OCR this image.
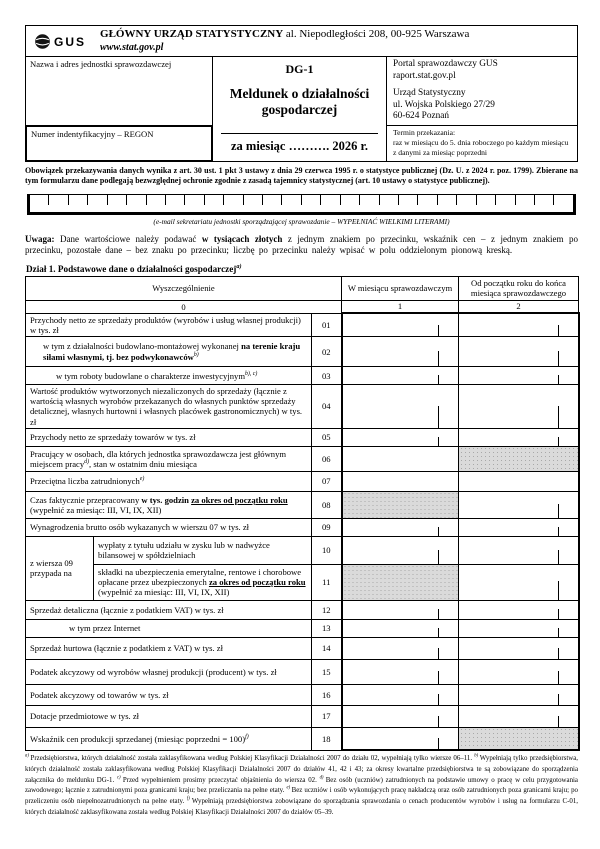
GUS
GŁÓWNY URZĄD STATYSTYCZNY al. Niepodległości 208, 00-925 Warszawa
www.stat.gov.pl
Nazwa i adres jednostki sprawozdawczej
Numer indentyfikacyjny – REGON
DG-1
Meldunek o działalności gospodarczej
za miesiąc ………. 2026 r.
Portal sprawozdawczy GUS
raport.stat.gov.pl
Urząd Statystyczny
ul. Wojska Polskiego 27/29
60-624 Poznań
Termin przekazania:
raz w miesiącu do 5. dnia roboczego po każdym miesiącu z danymi za miesiąc poprzedni
Obowiązek przekazywania danych wynika z art. 30 ust. 1 pkt 3 ustawy z dnia 29 czerwca 1995 r. o statystyce publicznej (Dz. U. z 2024 r. poz. 1799). Zbierane na tym formularzu dane podlegają bezwzględnej ochronie zgodnie z zasadą tajemnicy statystycznej (art. 10 ustawy o statystyce publicznej).
(e-mail sekretariatu jednostki sporządzającej sprawozdanie – WYPEŁNIAĆ WIELKIMI LITERAMI)
Uwaga: Dane wartościowe należy podawać w tysiącach złotych z jednym znakiem po przecinku, wskaźnik cen – z jednym znakiem po przecinku, pozostałe dane – bez znaku po przecinku; liczbę po przecinku należy wpisać w polu oddzielonym pionową kreską.
Dział 1. Podstawowe dane o działalności gospodarczej$^{a)}$
Wyszczególnienie			W miesiącu sprawozdawczym	Od początku roku do końca miesiąca sprawozdawczego
0			1	2
Przychody netto ze sprzedaży produktów (wyrobów i usług własnej produkcji) w tys. zł		01	

w tym z działalności budowlano-montażowej wykonanej na terenie kraju siłami własnymi, tj. bez podwykonawców$^{b)}$		02	

w tym roboty budowlane o charakterze inwestycyjnym$^{b), c)}$		03	

Wartość produktów wytworzonych niezaliczonych do sprzedaży (łącznie z wartością własnych wyrobów przekazanych do własnych punktów sprzedaży detalicznej, własnych hurtowni i własnych placówek gastronomicznych) w tys. zł		04	

Przychody netto ze sprzedaży towarów w tys. zł		05	

Pracujący w osobach, dla których jednostka sprawozdawcza jest głównym miejscem pracy$^{d)}$, stan w ostatnim dniu miesiąca		06		
Przeciętna liczba zatrudnionych$^{e)}$		07		
Czas faktycznie przepracowany w tys. godzin za okres od początku roku (wypełnić za miesiąc: III, VI, IX, XII)		08		

Wynagrodzenia brutto osób wykazanych w wierszu 07 w tys. zł		09	

z wiersza 09 przypada na	wypłaty z tytułu udziału w zysku lub w nadwyżce bilansowej w spółdzielniach	10	

	składki na ubezpieczenia emerytalne, rentowe i chorobowe opłacane przez ubezpieczonych za okres od początku roku (wypełnić za miesiąc: III, VI, IX, XII)	11		

Sprzedaż detaliczna (łącznie z podatkiem VAT) w tys. zł		12	

w tym przez Internet		13	

Sprzedaż hurtowa (łącznie z podatkiem z VAT) w tys. zł		14	

Podatek akcyzowy od wyrobów własnej produkcji (producent) w tys. zł		15	

Podatek akcyzowy od towarów w tys. zł		16	

Dotacje przedmiotowe w tys. zł		17	

Wskaźnik cen produkcji sprzedanej (miesiąc poprzedni = 100)$^{f)}$		18	

$^{a)}$ Przedsiębiorstwa, których działalność została zaklasyfikowana według Polskiej Klasyfikacji Działalności 2007 do działu 02, wypełniają tylko wiersze 06–11. $^{b)}$ Wypełniają tylko przedsiębiorstwa, których działalność została zaklasyfikowana według Polskiej Klasyfikacji Działalności 2007 do działów 41, 42 i 43; za okresy kwartalne przedsiębiorstwa te są zobowiązane do sporządzenia załącznika do meldunku DG-1. $^{c)}$ Przed wypełnieniem prosimy przeczytać objaśnienia do wiersza 02. $^{d)}$ Bez osób (uczniów) zatrudnionych na podstawie umowy o pracę w celu przygotowania zawodowego; łącznie z zatrudnionymi poza granicami kraju; bez przeliczania na pełne etaty. $^{e)}$ Bez uczniów i osób wykonujących pracę nakładczą oraz osób zatrudnionych poza granicami kraju; po przeliczeniu osób niepełnozatrudnionych na pełne etaty. $^{f)}$ Wypełniają przedsiębiorstwa zobowiązane do sporządzania sprawozdania o cenach producentów wyrobów i usług na formularzu C-01, których działalność zaklasyfikowana została według Polskiej Klasyfikacji Działalności 2007 do działów 05–39.
